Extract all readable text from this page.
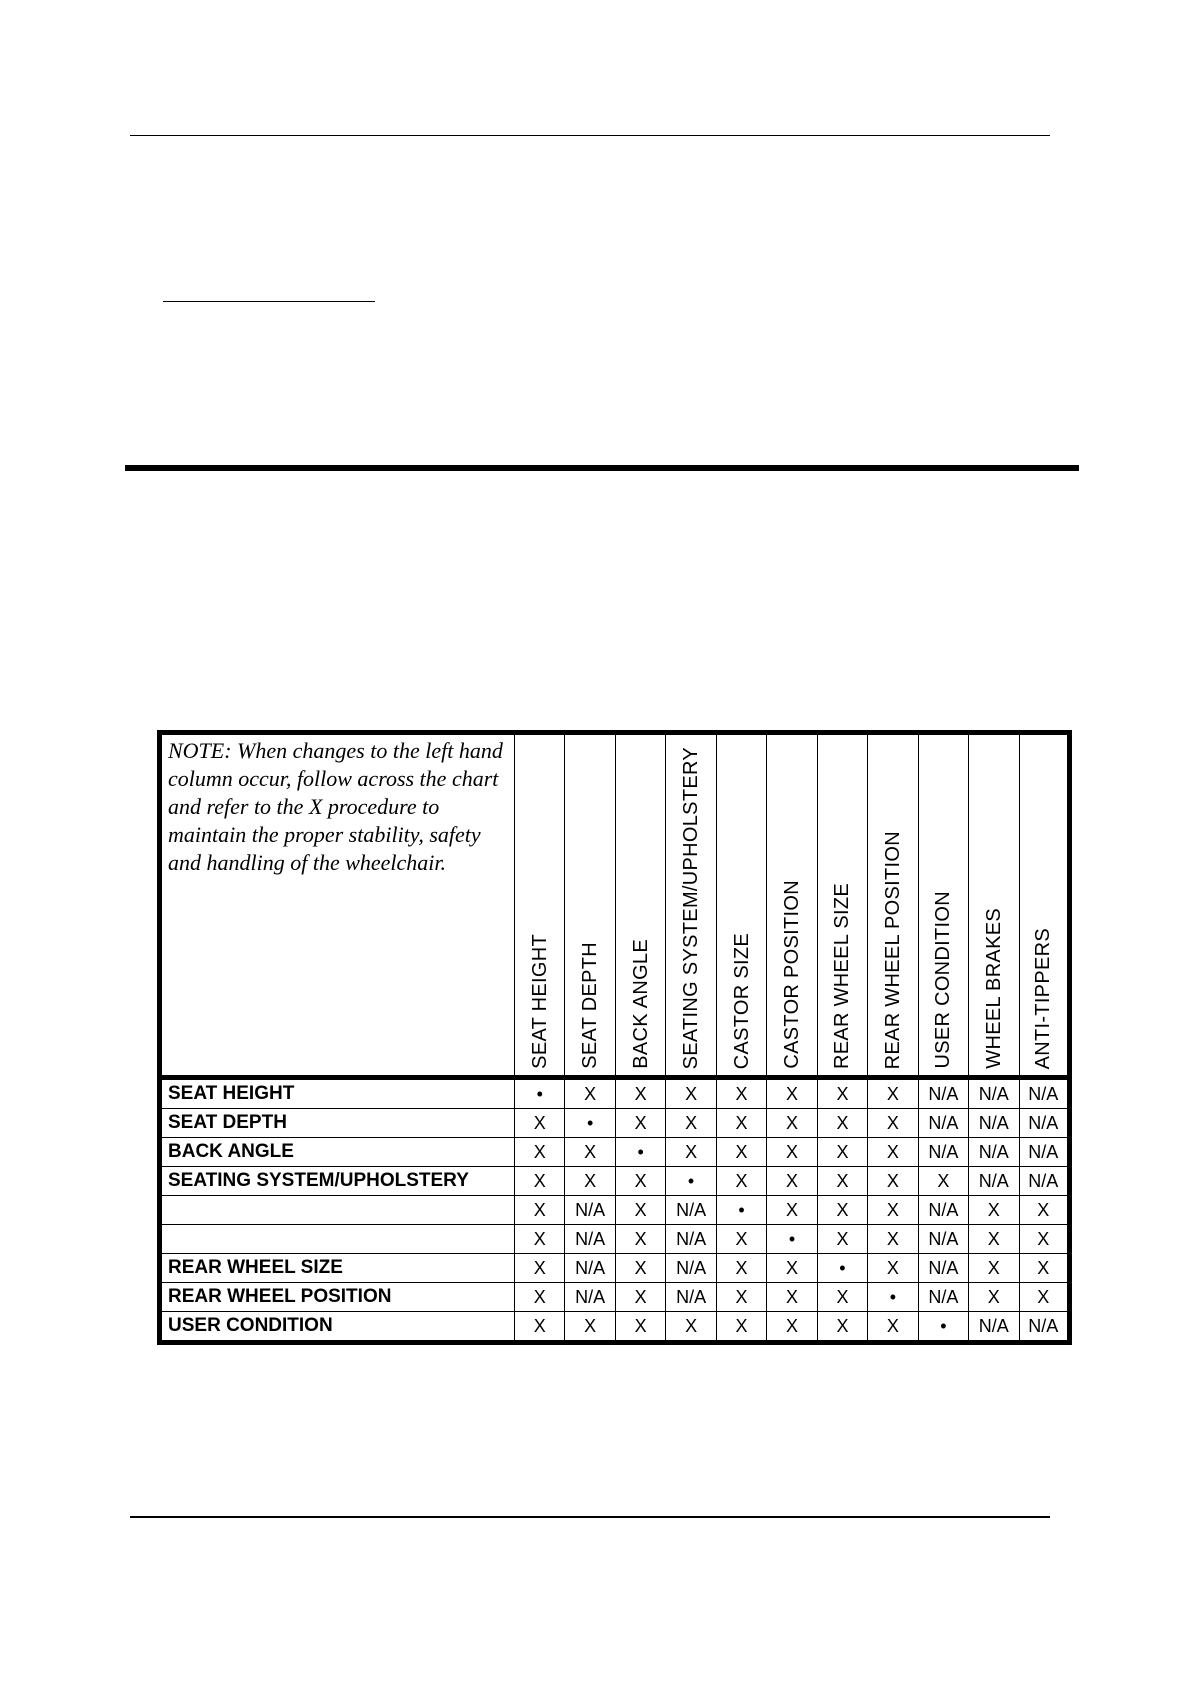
NOTE: When changes to the left hand column occur, follow across the chart and refer to the X procedure to maintain the proper stability, safety and handling of the wheelchair.	SEAT HEIGHT	SEAT DEPTH	BACK ANGLE	SEATING SYSTEM/UPHOLSTERY	CASTOR SIZE	CASTOR POSITION	REAR WHEEL SIZE	REAR WHEEL POSITION	USER CONDITION	WHEEL BRAKES	ANTI-TIPPERS

SEAT HEIGHT	•	X	X	X	X	X	X	X	N/A	N/A	N/A
SEAT DEPTH	X	•	X	X	X	X	X	X	N/A	N/A	N/A
BACK ANGLE	X	X	•	X	X	X	X	X	N/A	N/A	N/A
SEATING SYSTEM/UPHOLSTERY	X	X	X	•	X	X	X	X	X	N/A	N/A
	X	N/A	X	N/A	•	X	X	X	N/A	X	X
	X	N/A	X	N/A	X	•	X	X	N/A	X	X
REAR WHEEL SIZE	X	N/A	X	N/A	X	X	•	X	N/A	X	X
REAR WHEEL POSITION	X	N/A	X	N/A	X	X	X	•	N/A	X	X
USER CONDITION	X	X	X	X	X	X	X	X	•	N/A	N/A
